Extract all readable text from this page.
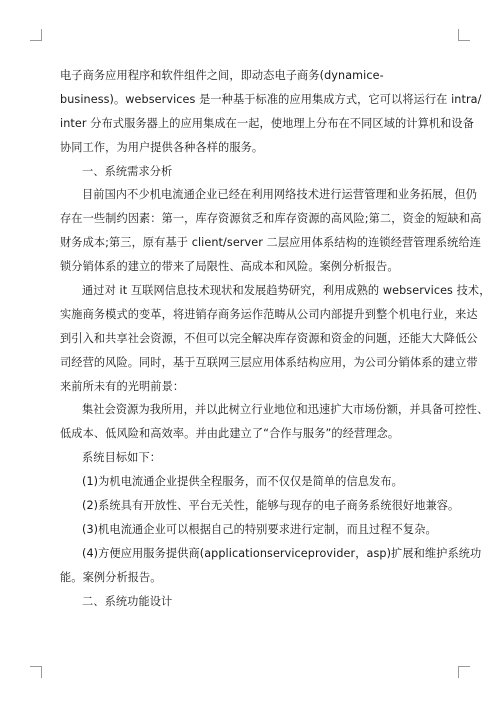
电子商务应用程序和软件组件之间，即动态电子商务(dynamice-
business)。webservices 是一种基于标准的应用集成方式，它可以将运行在 intra/
inter 分布式服务器上的应用集成在一起，使地理上分布在不同区域的计算机和设备
协同工作，为用户提供各种各样的服务。
一、系统需求分析
目前国内不少机电流通企业已经在利用网络技术进行运营管理和业务拓展，但仍
存在一些制约因素：第一，库存资源贫乏和库存资源的高风险;第二，资金的短缺和高
财务成本;第三，原有基于 client/server 二层应用体系结构的连锁经营管理系统给连
锁分销体系的建立的带来了局限性、高成本和风险。案例分析报告。
通过对 it 互联网信息技术现状和发展趋势研究，利用成熟的 webservices 技术，
实施商务模式的变革，将进销存商务运作范畴从公司内部提升到整个机电行业，来达
到引入和共享社会资源，不但可以完全解决库存资源和资金的问题，还能大大降低公
司经营的风险。同时，基于互联网三层应用体系结构应用，为公司分销体系的建立带
来前所未有的光明前景：
集社会资源为我所用，并以此树立行业地位和迅速扩大市场份额，并具备可控性、
低成本、低风险和高效率。并由此建立了“合作与服务”的经营理念。
系统目标如下：
(1)为机电流通企业提供全程服务，而不仅仅是简单的信息发布。
(2)系统具有开放性、平台无关性，能够与现存的电子商务系统很好地兼容。
(3)机电流通企业可以根据自己的特别要求进行定制，而且过程不复杂。
(4)方便应用服务提供商(applicationserviceprovider，asp)扩展和维护系统功
能。案例分析报告。
二、系统功能设计
